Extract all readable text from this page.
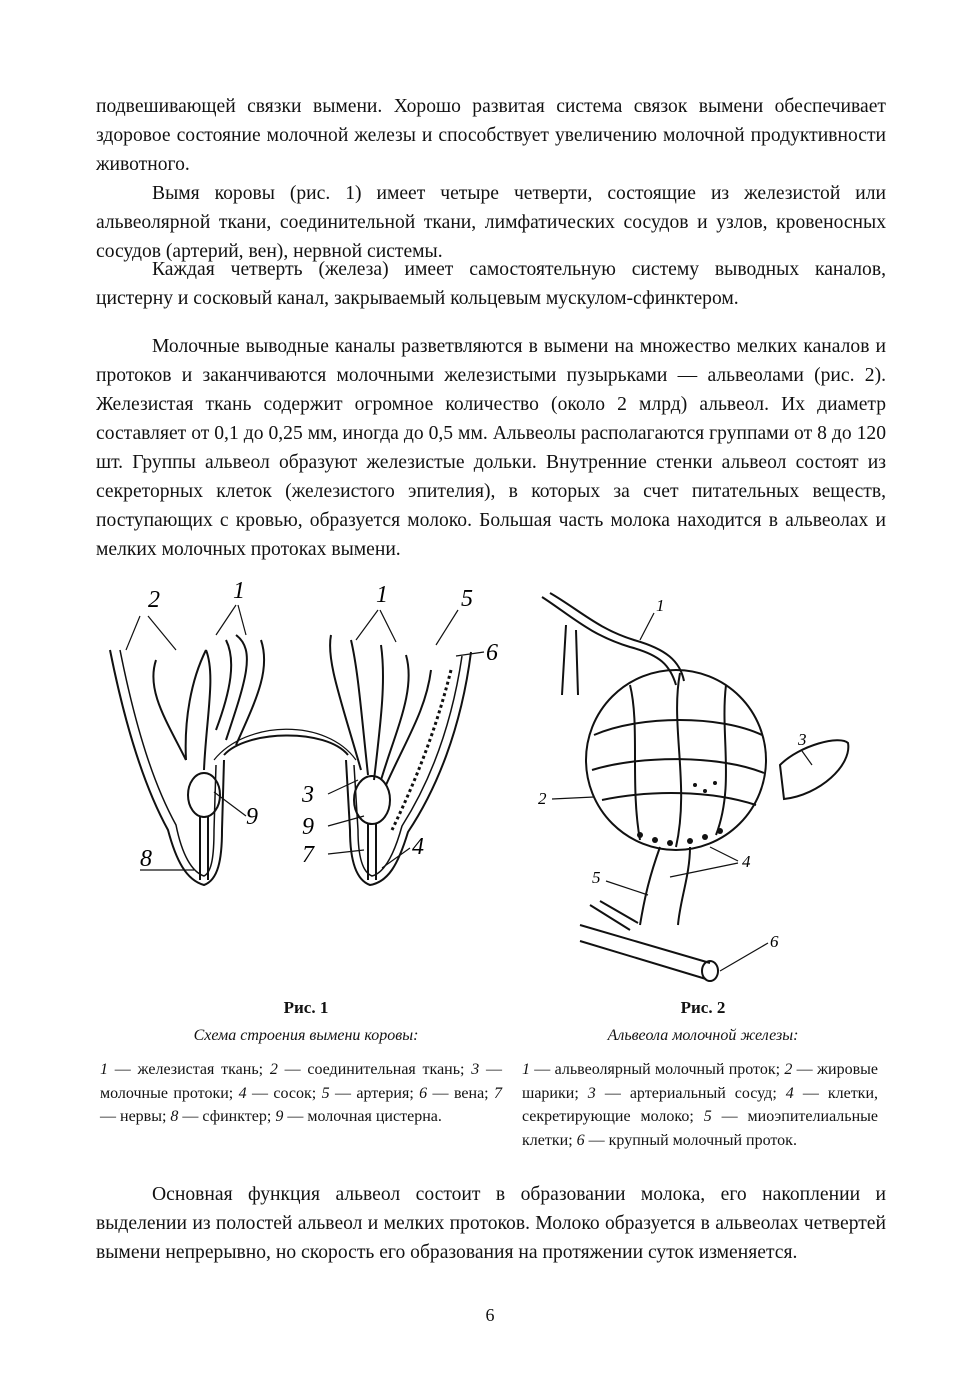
подвешивающей связки вымени. Хорошо развитая система связок вымени обеспечивает здоровое состояние молочной железы и способствует увеличению молочной продуктивности животного.

Вымя коровы (рис. 1) имеет четыре четверти, состоящие из железистой или альвеолярной ткани, соединительной ткани, лимфатических сосудов и узлов, кровеносных сосудов (артерий, вен), нервной системы.

Каждая четверть (железа) имеет самостоятельную систему выводных каналов, цистерну и сосковый канал, закрываемый кольцевым мускулом-сфинктером.

Молочные выводные каналы разветвляются в вымени на множество мелких каналов и протоков и заканчиваются молочными железистыми пузырьками — альвеолами (рис. 2). Железистая ткань содержит огромное количество (около 2 млрд) альвеол. Их диаметр составляет от 0,1 до 0,25 мм, иногда до 0,5 мм. Альвеолы располагаются группами от 8 до 120 шт. Группы альвеол образуют железистые дольки. Внутренние стенки альвеол состоят из секреторных клеток (железистого эпителия), в которых за счет питательных веществ, поступающих с кровью, образуется молоко. Большая часть молока находится в альвеолах и мелких молочных протоках вымени.

2	1	1	5
6
9
3
9
7	4
8
1
2
3
4
5
6

Рис. 1

Схема строения вымени коровы:

1 — железистая ткань; 2 — соединительная ткань; 3 — молочные протоки; 4 — сосок; 5 — артерия; 6 — вена; 7 — нервы; 8 — сфинктер; 9 — молочная цистерна.

Рис. 2

Альвеола молочной железы:

1 — альвеолярный молочный проток; 2 — жировые шарики; 3 — артериальный сосуд; 4 — клетки, секретирующие молоко; 5 — миоэпителиальные клетки; 6 — крупный молочный проток.

Основная функция альвеол состоит в образовании молока, его накоплении и выделении из полостей альвеол и мелких протоков. Молоко образуется в альвеолах четвертей вымени непрерывно, но скорость его образования на протяжении суток изменяется.

6
